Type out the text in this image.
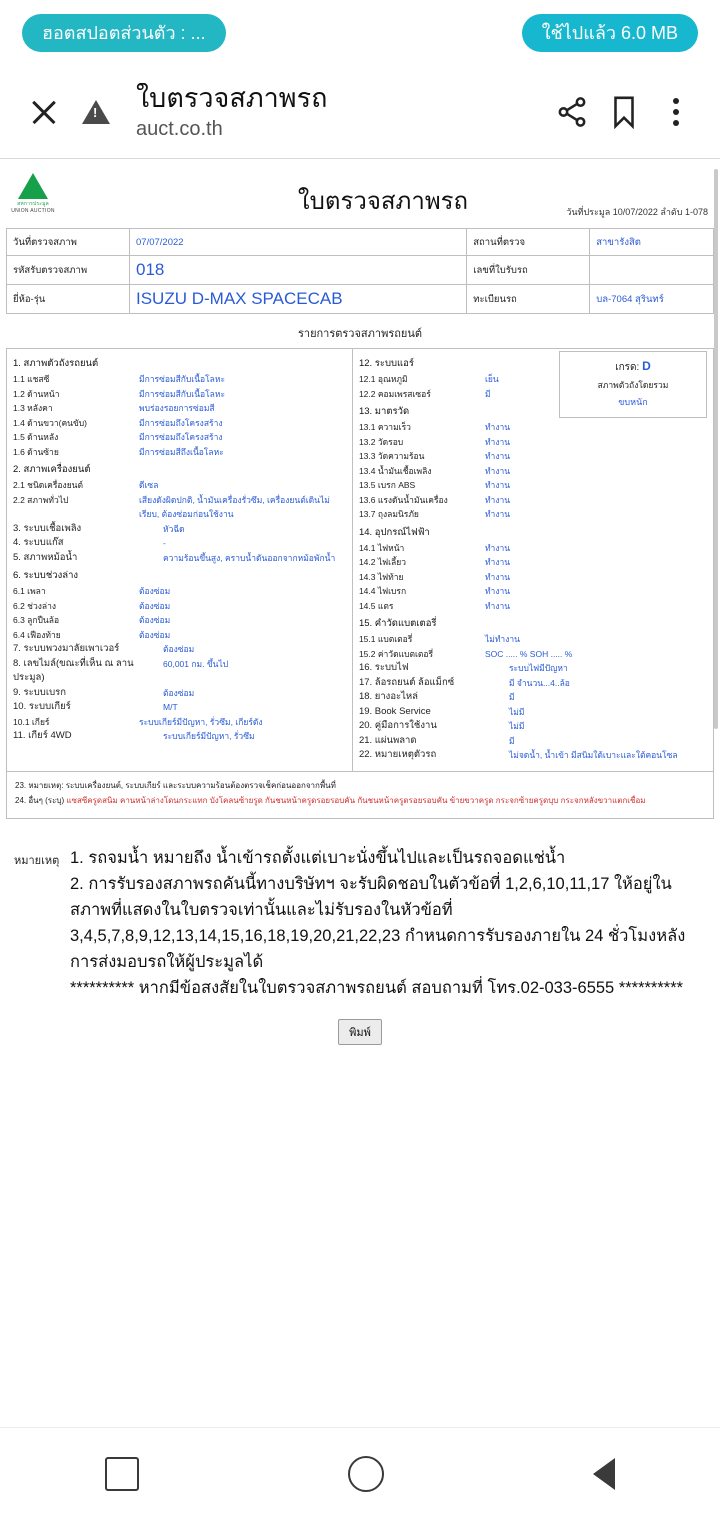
ฮอตสปอตส่วนตัว : ...	ใช้ไปแล้ว 6.0 MB
!
ใบตรวจสภาพรถ
auct.co.th
สหการประมูล
UNION AUCTION	ใบตรวจสภาพรถ	วันที่ประมูล 10/07/2022 ลำดับ 1-078
วันที่ตรวจสภาพ	07/07/2022	สถานที่ตรวจ	สาขารังสิต
รหัสรับตรวจสภาพ	018	เลขที่ใบรับรถ	
ยี่ห้อ-รุ่น	ISUZU D-MAX SPACECAB	ทะเบียนรถ	บล-7064 สุรินทร์
รายการตรวจสภาพรถยนต์
1. สภาพตัวถังรถยนต์
1.1 แชสซี	มีการซ่อมสีกับเนื้อโลหะ
1.2 ด้านหน้า	มีการซ่อมสีกับเนื้อโลหะ
1.3 หลังคา	พบร่องรอยการซ่อมสี
1.4 ด้านขวา(คนขับ)	มีการซ่อมถึงโครงสร้าง
1.5 ด้านหลัง	มีการซ่อมถึงโครงสร้าง
1.6 ด้านซ้าย	มีการซ่อมสีถึงเนื้อโลหะ
2. สภาพเครื่องยนต์
2.1 ชนิดเครื่องยนต์	ดีเซล
2.2 สภาพทั่วไป	เสียงดังผิดปกติ, น้ำมันเครื่องรั่วซึม, เครื่องยนต์เดินไม่เรียบ, ต้องซ่อมก่อนใช้งาน
3. ระบบเชื้อเพลิง	หัวฉีด
4. ระบบแก๊ส	-
5. สภาพหม้อน้ำ	ความร้อนขึ้นสูง, คราบน้ำดันออกจากหม้อพักน้ำ
6. ระบบช่วงล่าง
6.1 เพลา	ต้องซ่อม
6.2 ช่วงล่าง	ต้องซ่อม
6.3 ลูกปืนล้อ	ต้องซ่อม
6.4 เฟืองท้าย	ต้องซ่อม
7. ระบบพวงมาลัยเพาเวอร์	ต้องซ่อม
8. เลขไมล์(ขณะที่เห็น ณ ลานประมูล)
60,001 กม. ขึ้นไป
9. ระบบเบรก	ต้องซ่อม
10. ระบบเกียร์	M/T
10.1 เกียร์	ระบบเกียร์มีปัญหา, รั่วซึม, เกียร์ดัง
11. เกียร์ 4WD	ระบบเกียร์มีปัญหา, รั่วซึม
12. ระบบแอร์
12.1 อุณหภูมิ	เย็น
12.2 คอมเพรสเซอร์	มี
13. มาตรวัด
13.1 ความเร็ว	ทำงาน
13.2 วัดรอบ	ทำงาน
13.3 วัดความร้อน	ทำงาน
13.4 น้ำมันเชื้อเพลิง	ทำงาน
13.5 เบรก ABS	ทำงาน
13.6 แรงดันน้ำมันเครื่อง	ทำงาน
13.7 ถุงลมนิรภัย	ทำงาน
14. อุปกรณ์ไฟฟ้า
14.1 ไฟหน้า	ทำงาน
14.2 ไฟเลี้ยว	ทำงาน
14.3 ไฟท้าย	ทำงาน
14.4 ไฟเบรก	ทำงาน
14.5 แตร	ทำงาน
15. คำวัดแบตเตอรี่
15.1 แบตเตอรี่	ไม่ทำงาน
15.2 ค่าวัดแบตเตอรี่	SOC ..... % SOH ..... %
16. ระบบไฟ	ระบบไฟมีปัญหา
17. ล้อรถยนต์ ล้อแม็กซ์	มี จำนวน...4..ล้อ
18. ยางอะไหล่	มี
19. Book Service	ไม่มี
20. คู่มือการใช้งาน	ไม่มี
21. แผ่นพลาด	มี
22. หมายเหตุตัวรถ	ไม่จดน้ำ, น้ำเข้า มีสนิมใต้เบาะและใต้คอนโซล
เกรด: D
สภาพตัวถังโดยรวม
ขบหนัก
23. หมายเหตุ: ระบบเครื่องยนต์, ระบบเกียร์ และระบบความร้อนต้องตรวจเช็คก่อนออกจากพื้นที่
24. อื่นๆ (ระบุ) แซสซีครูดสนิม คานหน้าล่างโดนกระแทก บังโคลนซ้ายรูด กันชนหน้าครูดรอยรอบคัน กันชนหน้าครูดรอยรอบคัน ข้ายขวาครูด กระจกซ้ายครูดบุบ กระจกหลังขวาแตกเชื่อม
หมายเหตุ 1. รถจมน้ำ หมายถึง น้ำเข้ารถตั้งแต่เบาะนั่งขึ้นไปและเป็นรถจอดแช่น้ำ
2. การรับรองสภาพรถคันนี้ทางบริษัทฯ จะรับผิดชอบในตัวข้อที่ 1,2,6,10,11,17 ให้อยู่ในสภาพที่แสดงในใบตรวจเท่านั้นและไม่รับรองในหัวข้อที่ 3,4,5,7,8,9,12,13,14,15,16,18,19,20,21,22,23 กำหนดการรับรองภายใน 24 ชั่วโมงหลังการส่งมอบรถให้ผู้ประมูลได้
********** หากมีข้อสงสัยในใบตรวจสภาพรถยนต์ สอบถามที่ โทร.02-033-6555 **********
พิมพ์
